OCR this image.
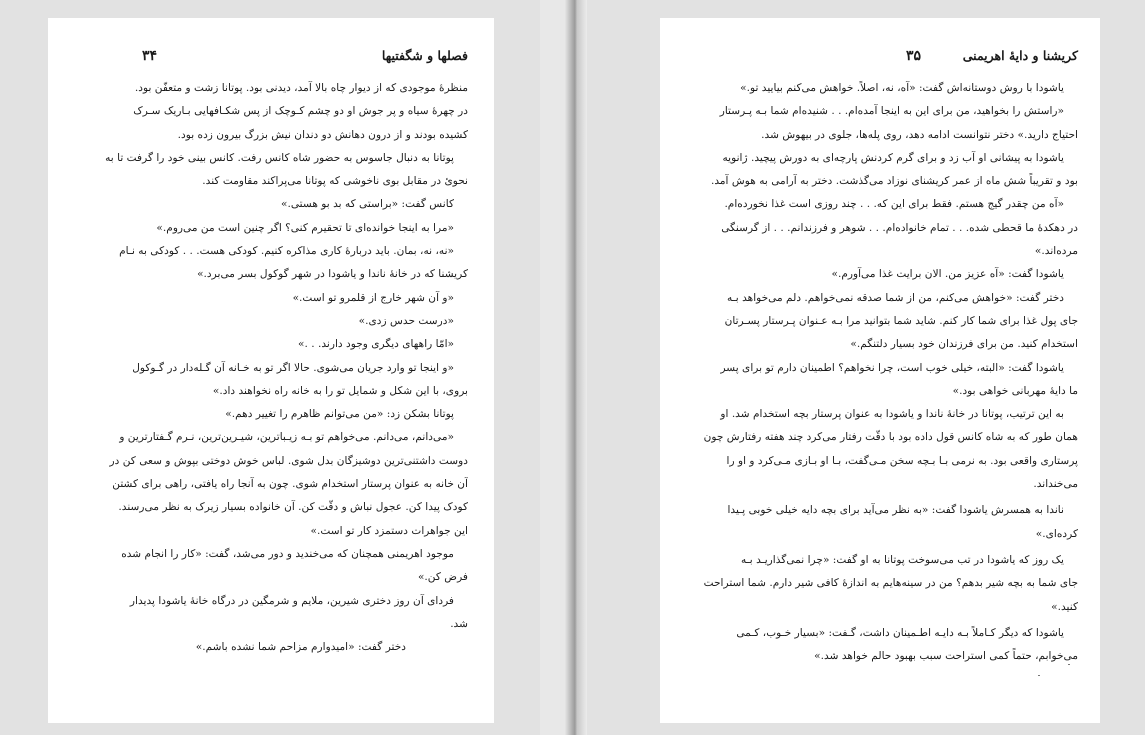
فصلها و شگفتیها
۳۴
منظرهٔ موجودی که از دیوار چاه بالا آمد، دیدنی بود. پوتانا زشت و متعفّن بود.
در چهرهٔ سیاه و پر جوش او دو چشم کـوچک از پس شکـافهایی بـاریک سـرک
کشیده بودند و از درون دهانش دو دندان نیش بزرگ بیرون زده بود.
پوتانا به دنبال جاسوس به حضور شاه کانس رفت. کانس بینی خود را گرفت تا به
نحویٔ در مقابل بوی ناخوشی که پوتانا می‌پراکند مقاومت کند.
کانس گفت: «براستی که بد بو هستی.»
«مرا به اینجا خوانده‌ای تا تحقیرم کنی؟ اگر چنین است من می‌روم.»
«نه، نه، بمان. باید دربارهٔ کاری مذاکره کنیم. کودکی هست. . . کودکی به نـام
کریشنا که در خانهٔ ناندا و یاشودا در شهر گوکول بسر می‌برد.»
«و آن شهر خارج از قلمرو تو است.»
«درست حدس زدی.»
«امّا راههای دیگری وجود دارند. . .»
«و اینجا تو وارد جریان می‌شوی. حالا اگر تو به خـانه آن گـله‌دار در گـوکول
بروی، با این شکل و شمایل تو را به خانه راه نخواهند داد.»
پوتانا بشکن زد: «من می‌توانم ظاهرم را تغییر دهم.»
«می‌دانم، می‌دانم. می‌خواهم تو بـه زیـباترین، شیـرین‌ترین، نـرم گـفتارترین و
دوست داشتنی‌ترین دوشیزگان بدل شوی. لباس خوش دوختی بپوش و سعی کن در
آن خانه به عنوان پرستار استخدام شوی. چون به آنجا راه یافتی، راهی برای کشتن
کودک پیدا کن. عجول نباش و دقّت کن. آن خانواده بسیار زیرک به نظر می‌رسند.
این جواهرات دستمزد کار تو است.»
موجود اهریمنی همچنان که می‌خندید و دور می‌شد، گفت: «کار را انجام شده
فرض کن.»
فردای آن روز دختری شیرین، ملایم و شرمگین در درگاه خانهٔ یاشودا پدیدار
شد.
دختر گفت: «امیدوارم مزاحم شما نشده باشم.»
کریشنا و دایهٔ اهریمنی
۳۵
یاشودا با روش دوستانه‌اش گفت: «آه، نه، اصلاً. خواهش می‌کنم بیایید تو.»
«راستش را بخواهید، من برای این به اینجا آمده‌ام. . . شنیده‌ام شما بـه پـرستار
احتیاج دارید.» دختر نتوانست ادامه دهد، روی پله‌ها، جلوی در بیهوش شد.
یاشودا به پیشانی او آب زد و برای گرم کردنش پارچه‌ای به دورش پیچید. ژانویه
بود و تقریباً شش ماه از عمر کریشنای نوزاد می‌گذشت. دختر به آرامی به هوش آمد.
«آه من چقدر گیج هستم. فقط برای این که. . . چند روزی است غذا نخورده‌ام.
در دهکدهٔ ما قحطی شده. . . تمام خانواده‌ام. . . شوهر و فرزندانم. . . از گرسنگی
مرده‌اند.»
یاشودا گفت: «آه عزیز من. الان برایت غذا می‌آورم.»
دختر گفت: «خواهش می‌کنم، من از شما صدقه نمی‌خواهم. دلم می‌خواهد بـه
جای پول غذا برای شما کار کنم. شاید شما بتوانید مرا بـه عـنوان پـرستار پسـرتان
استخدام کنید. من برای فرزندان خود بسیار دلتنگم.»
یاشودا گفت: «البته، خیلی خوب است، چرا نخواهم؟ اطمینان دارم تو برای پسر
ما دایهٔ مهربانی خواهی بود.»
به این ترتیب، پوتانا در خانهٔ ناندا و یاشودا به عنوان پرستار بچه استخدام شد. او
همان طور که به شاه کانس قول داده بود با دقّت رفتار می‌کرد چند هفته رفتارش چون
پرستاری واقعی بود. به نرمی بـا بـچه سخن مـی‌گفت، بـا او بـازی مـی‌کرد و او را
می‌خنداند.
ناندا به همسرش یاشودا گفت: «به نظر می‌آید برای بچه دایه خیلی خوبی پـیدا
کرده‌ای.»
یک روز که یاشودا در تب می‌سوخت پوتانا به او گفت: «چرا نمی‌گذاریـد بـه
جای شما به بچه شیر بدهم؟ من در سینه‌هایم به اندازهٔ کافی شیر دارم. شما استراحت
کنید.»
یاشودا که دیگر کـاملاً بـه دایـه اطـمینان داشت، گـفت: «بسیار خـوب، کـمی
می‌خوابم، حتماً کمی استراحت سبب بهبود حالم خواهد شد.»
